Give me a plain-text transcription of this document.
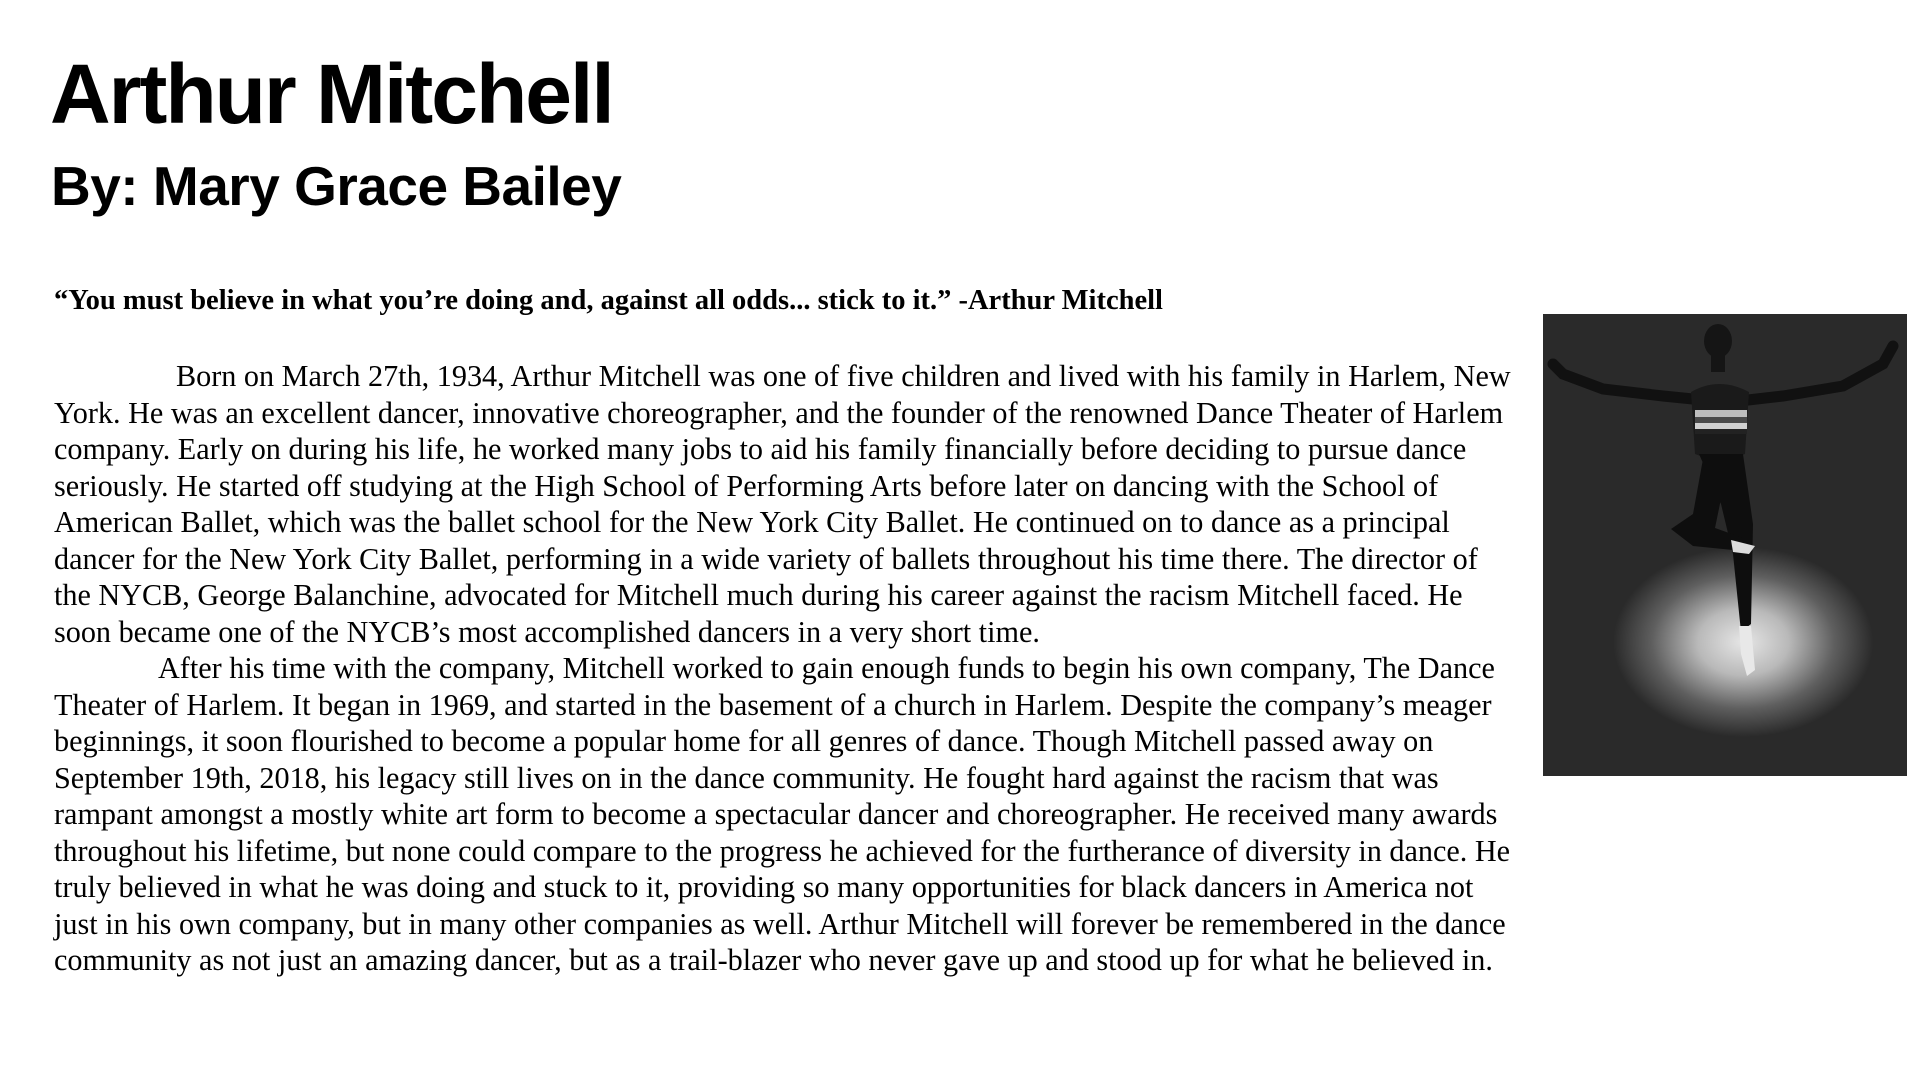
Arthur Mitchell
By: Mary Grace Bailey

“You must believe in what you’re doing and, against all odds... stick to it.” -Arthur Mitchell

Born on March 27th, 1934, Arthur Mitchell was one of five children and lived with his family in Harlem, New York. He was an excellent dancer, innovative choreographer, and the founder of the renowned Dance Theater of Harlem company. Early on during his life, he worked many jobs to aid his family financially before deciding to pursue dance seriously. He started off studying at the High School of Performing Arts before later on dancing with the School of American Ballet, which was the ballet school for the New York City Ballet. He continued on to dance as a principal dancer for the New York City Ballet, performing in a wide variety of ballets throughout his time there. The director of the NYCB, George Balanchine, advocated for Mitchell much during his career against the racism Mitchell faced. He soon became one of the NYCB’s most accomplished dancers in a very short time.

After his time with the company, Mitchell worked to gain enough funds to begin his own company, The Dance Theater of Harlem. It began in 1969, and started in the basement of a church in Harlem. Despite the company’s meager beginnings, it soon flourished to become a popular home for all genres of dance. Though Mitchell passed away on September 19th, 2018, his legacy still lives on in the dance community. He fought hard against the racism that was rampant amongst a mostly white art form to become a spectacular dancer and choreographer. He received many awards throughout his lifetime, but none could compare to the progress he achieved for the furtherance of diversity in dance. He truly believed in what he was doing and stuck to it, providing so many opportunities for black dancers in America not just in his own company, but in many other companies as well. Arthur Mitchell will forever be remembered in the dance community as not just an amazing dancer, but as a trail-blazer who never gave up and stood up for what he believed in.
